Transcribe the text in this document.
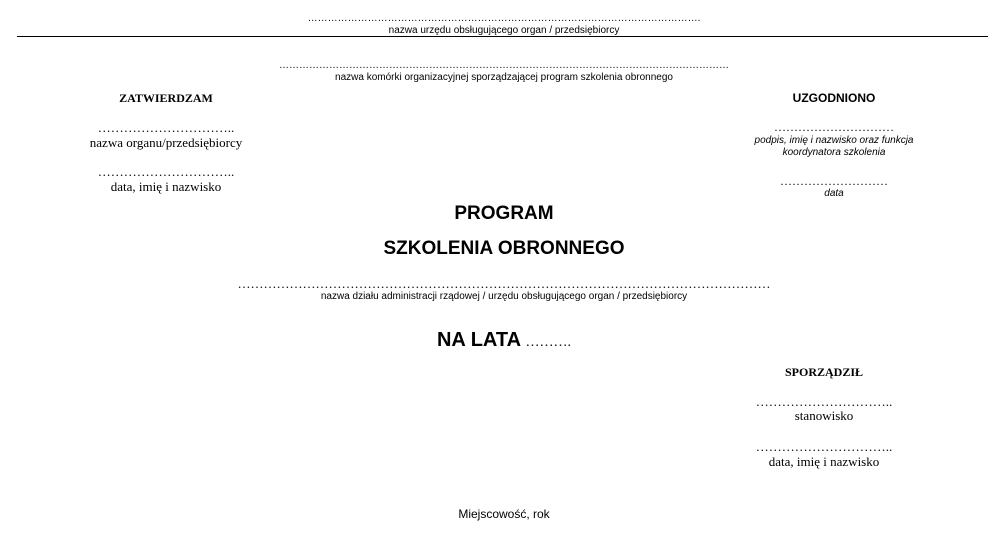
……………………………………………………………………………………………………….
nazwa urzędu obsługującego organ / przedsiębiorcy
………………………………………………………………………………………………………………………
nazwa komórki organizacyjnej sporządzającej program szkolenia obronnego
ZATWIERDZAM
…………………………..
nazwa organu/przedsiębiorcy
…………………………..
data, imię i nazwisko
UZGODNIONO
…………………………
podpis, imię i nazwisko oraz funkcja
koordynatora szkolenia
………………………
data
PROGRAM
SZKOLENIA OBRONNEGO
……………………………………………………………………………………………………………
nazwa działu administracji rządowej / urzędu obsługującego organ / przedsiębiorcy
NA LATA ……….
SPORZĄDZIŁ
…………………………..
stanowisko
…………………………..
data, imię i nazwisko
Miejscowość, rok
